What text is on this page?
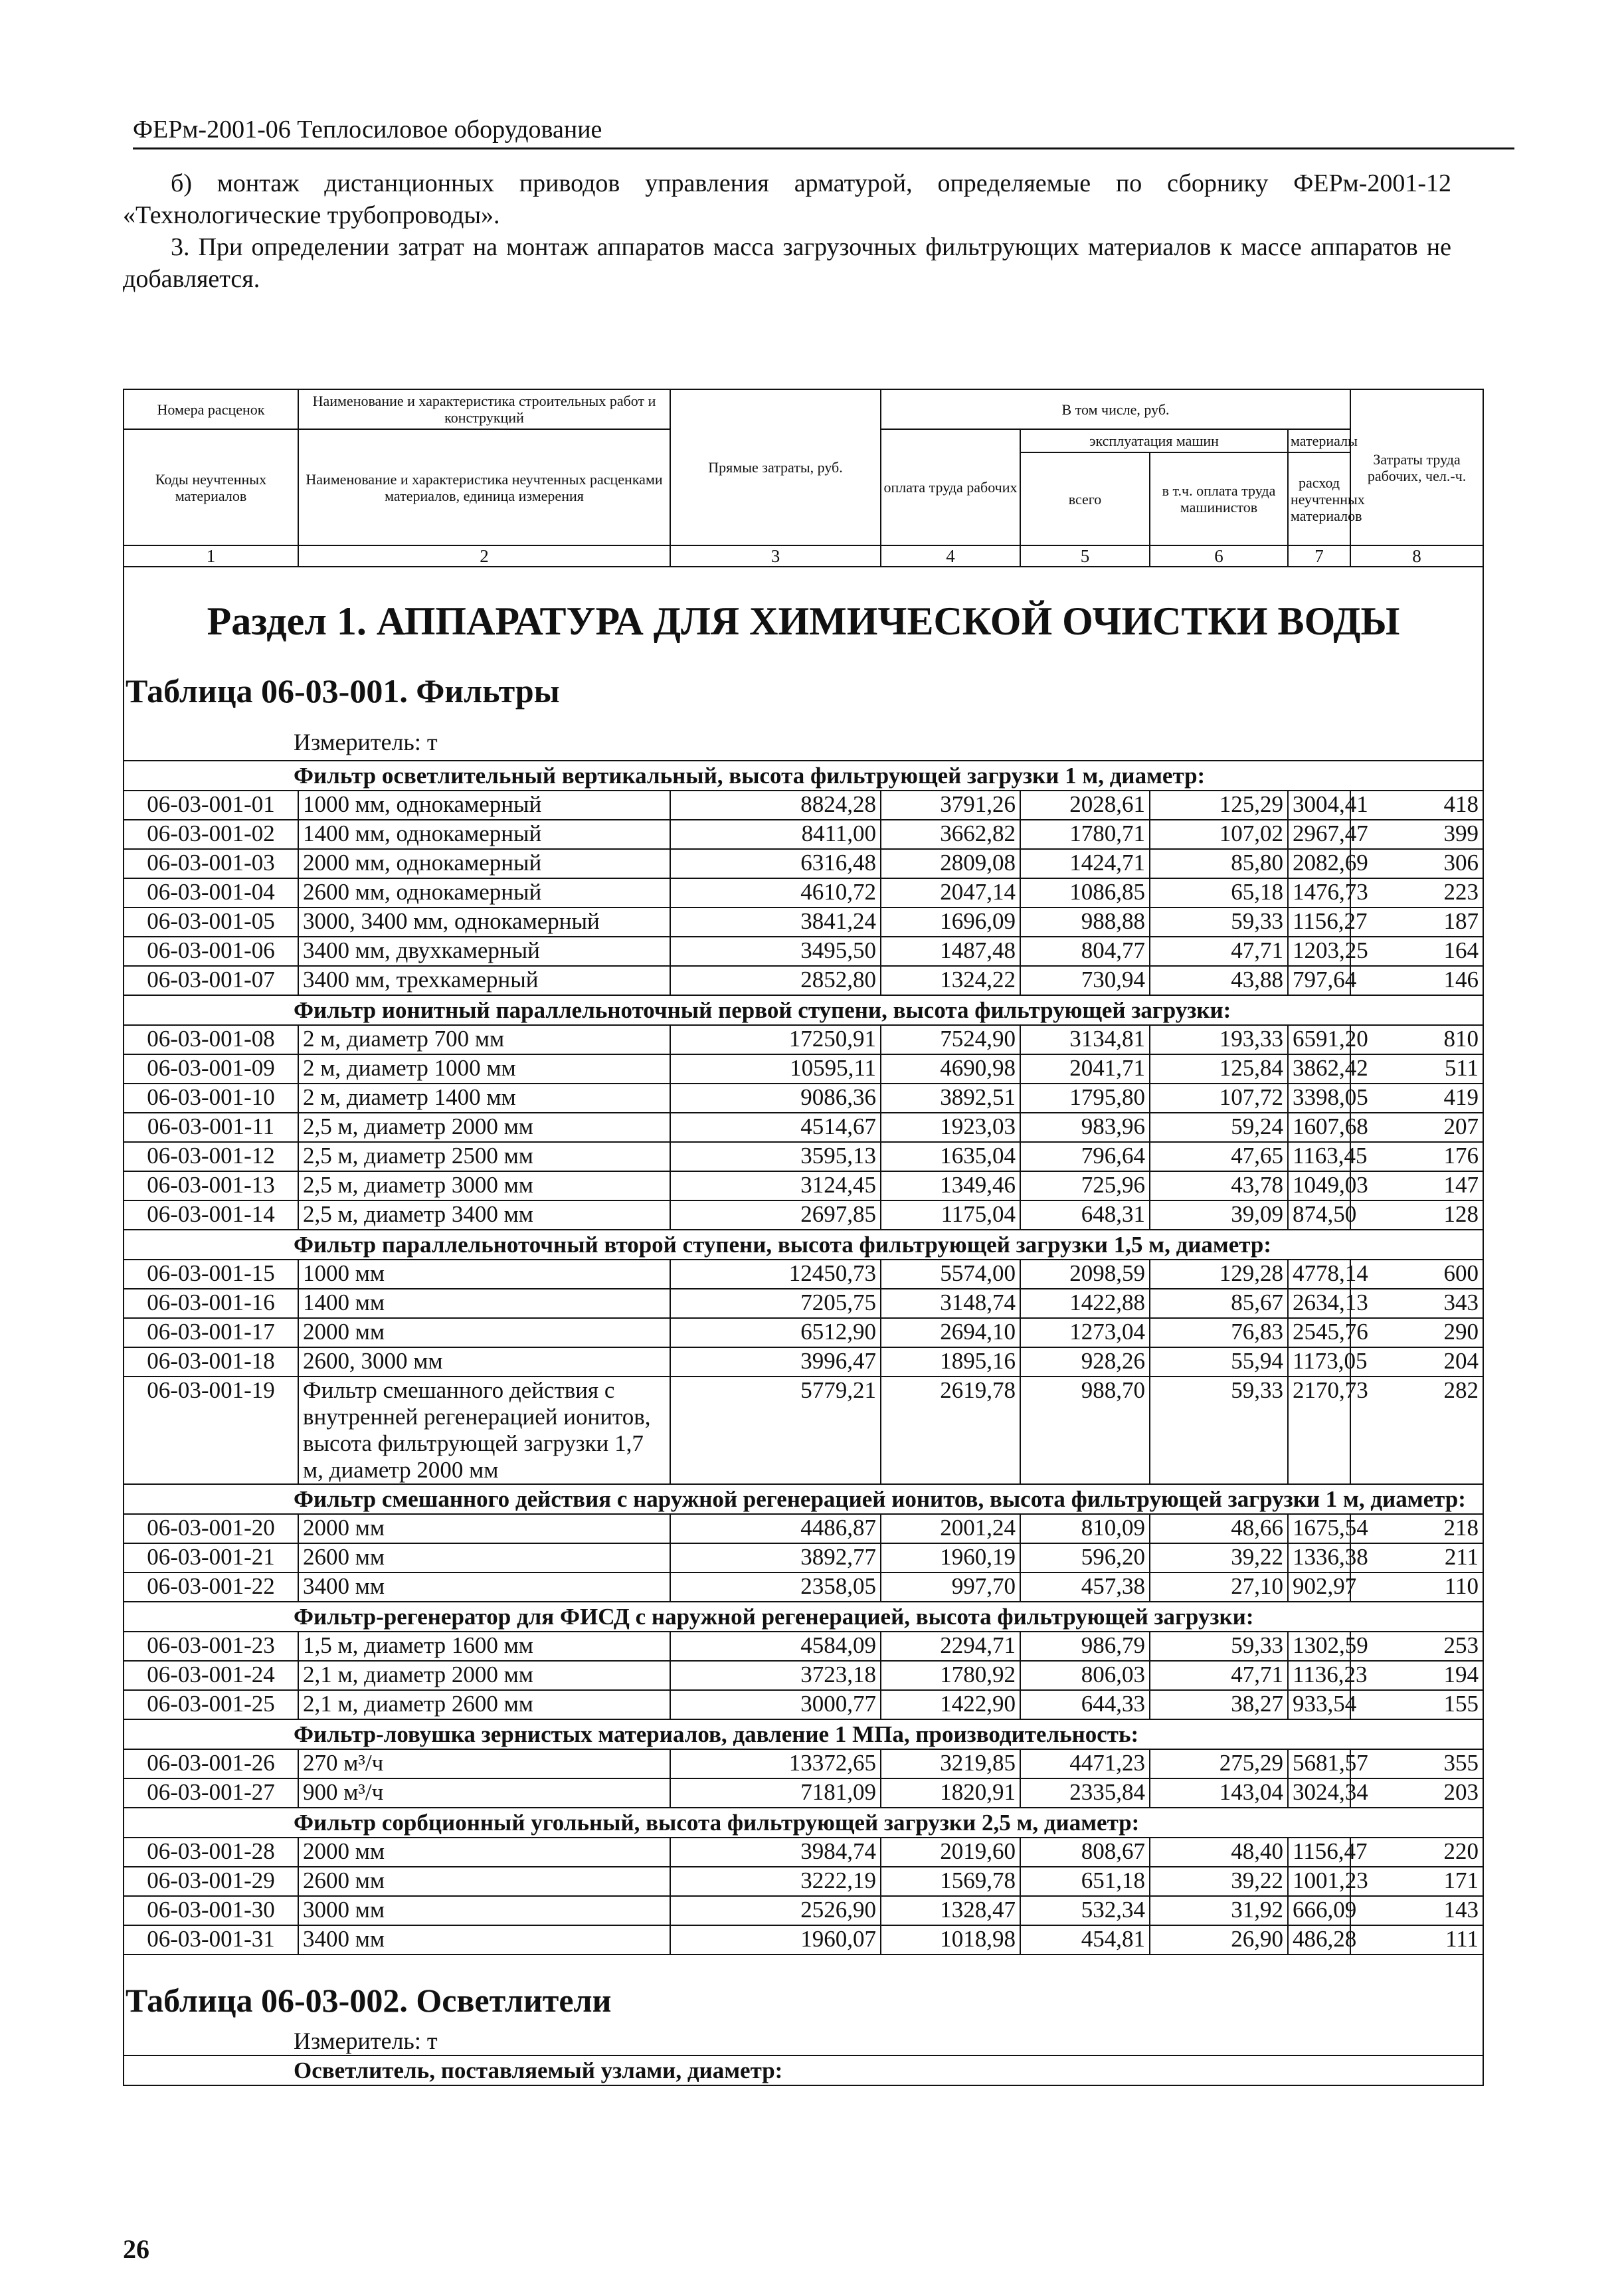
ФЕРм-2001-06 Теплосиловое оборудование

б) монтаж дистанционных приводов управления арматурой, определяемые по сборнику ФЕРм-2001-12 «Технологические трубопроводы».

3. При определении затрат на монтаж аппаратов масса загрузочных фильтрующих материалов к массе аппаратов не добавляется.

Номера расценок	Наименование и характеристика строительных работ и конструкций	Прямые затраты, руб.	В том числе, руб.				Затраты труда рабочих, чел.-ч.
Коды неучтенных материалов	Наименование и характеристика неучтенных расценками материалов, единица измерения		оплата труда рабочих	эксплуатация машин		материалы	
				всего	в т.ч. оплата труда машинистов	расход неучтенных материалов	
1	2	3	4	5	6	7	8

Раздел 1. АППАРАТУРА ДЛЯ ХИМИЧЕСКОЙ ОЧИСТКИ ВОДЫ
Таблица 06-03-001. Фильтры
Измеритель: т							

Фильтр осветлительный вертикальный, высота фильтрующей загрузки 1 м, диаметр:							
06-03-001-01	1000 мм, однокамерный	8824,28	3791,26	2028,61	125,29	3004,41	418
06-03-001-02	1400 мм, однокамерный	8411,00	3662,82	1780,71	107,02	2967,47	399
06-03-001-03	2000 мм, однокамерный	6316,48	2809,08	1424,71	85,80	2082,69	306
06-03-001-04	2600 мм, однокамерный	4610,72	2047,14	1086,85	65,18	1476,73	223
06-03-001-05	3000, 3400 мм, однокамерный	3841,24	1696,09	988,88	59,33	1156,27	187
06-03-001-06	3400 мм, двухкамерный	3495,50	1487,48	804,77	47,71	1203,25	164
06-03-001-07	3400 мм, трехкамерный	2852,80	1324,22	730,94	43,88	797,64	146
Фильтр ионитный параллельноточный первой ступени, высота фильтрующей загрузки:							
06-03-001-08	2 м, диаметр 700 мм	17250,91	7524,90	3134,81	193,33	6591,20	810
06-03-001-09	2 м, диаметр 1000 мм	10595,11	4690,98	2041,71	125,84	3862,42	511
06-03-001-10	2 м, диаметр 1400 мм	9086,36	3892,51	1795,80	107,72	3398,05	419
06-03-001-11	2,5 м, диаметр 2000 мм	4514,67	1923,03	983,96	59,24	1607,68	207
06-03-001-12	2,5 м, диаметр 2500 мм	3595,13	1635,04	796,64	47,65	1163,45	176
06-03-001-13	2,5 м, диаметр 3000 мм	3124,45	1349,46	725,96	43,78	1049,03	147
06-03-001-14	2,5 м, диаметр 3400 мм	2697,85	1175,04	648,31	39,09	874,50	128
Фильтр параллельноточный второй ступени, высота фильтрующей загрузки 1,5 м, диаметр:							
06-03-001-15	1000 мм	12450,73	5574,00	2098,59	129,28	4778,14	600
06-03-001-16	1400 мм	7205,75	3148,74	1422,88	85,67	2634,13	343
06-03-001-17	2000 мм	6512,90	2694,10	1273,04	76,83	2545,76	290
06-03-001-18	2600, 3000 мм	3996,47	1895,16	928,26	55,94	1173,05	204
06-03-001-19	Фильтр смешанного действия с внутренней регенерацией ионитов, высота фильтрующей загрузки 1,7 м, диаметр 2000 мм	5779,21	2619,78	988,70	59,33	2170,73	282
Фильтр смешанного действия с наружной регенерацией ионитов, высота фильтрующей загрузки 1 м, диаметр:							
06-03-001-20	2000 мм	4486,87	2001,24	810,09	48,66	1675,54	218
06-03-001-21	2600 мм	3892,77	1960,19	596,20	39,22	1336,38	211
06-03-001-22	3400 мм	2358,05	997,70	457,38	27,10	902,97	110
Фильтр-регенератор для ФИСД с наружной регенерацией, высота фильтрующей загрузки:							
06-03-001-23	1,5 м, диаметр 1600 мм	4584,09	2294,71	986,79	59,33	1302,59	253
06-03-001-24	2,1 м, диаметр 2000 мм	3723,18	1780,92	806,03	47,71	1136,23	194
06-03-001-25	2,1 м, диаметр 2600 мм	3000,77	1422,90	644,33	38,27	933,54	155
Фильтр-ловушка зернистых материалов, давление 1 МПа, производительность:							
06-03-001-26	270 м³/ч	13372,65	3219,85	4471,23	275,29	5681,57	355
06-03-001-27	900 м³/ч	7181,09	1820,91	2335,84	143,04	3024,34	203
Фильтр сорбционный угольный, высота фильтрующей загрузки 2,5 м, диаметр:							
06-03-001-28	2000 мм	3984,74	2019,60	808,67	48,40	1156,47	220
06-03-001-29	2600 мм	3222,19	1569,78	651,18	39,22	1001,23	171
06-03-001-30	3000 мм	2526,90	1328,47	532,34	31,92	666,09	143
06-03-001-31	3400 мм	1960,07	1018,98	454,81	26,90	486,28	111

Таблица 06-03-002. Осветлители
Измеритель: т							

Осветлитель, поставляемый узлами, диаметр:							
26
